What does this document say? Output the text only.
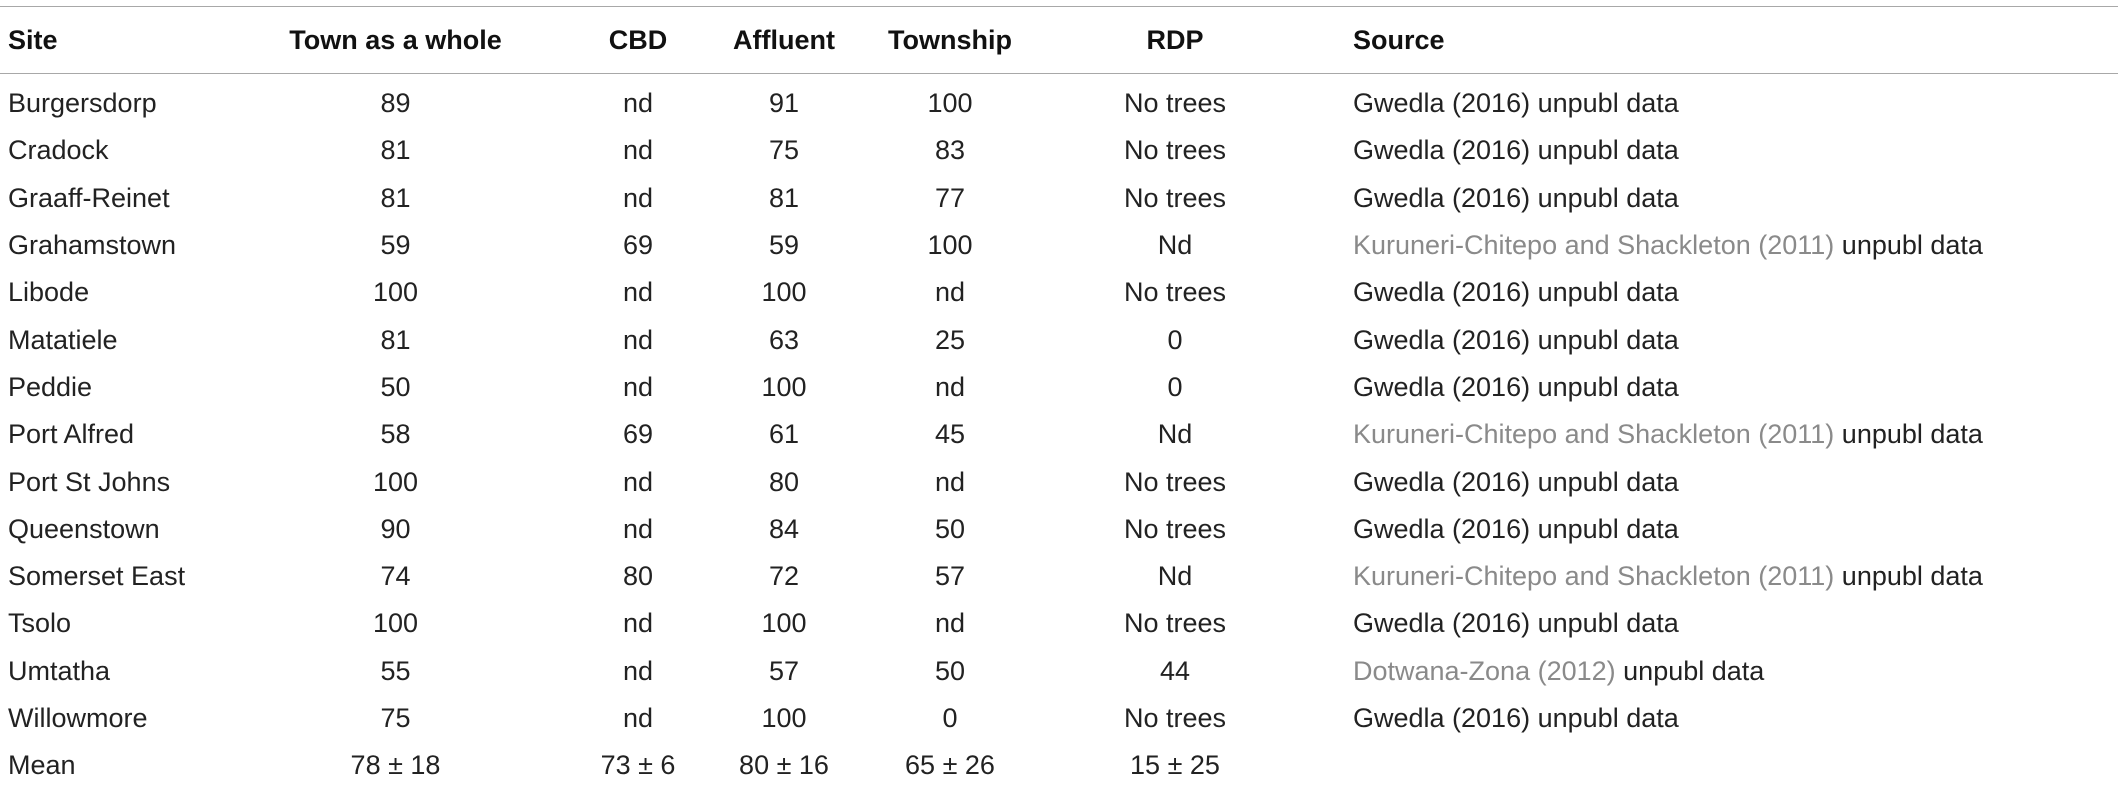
Site	Town as a whole	CBD	Affluent	Township	RDP	Source
Burgersdorp	89	nd	91	100	No trees	Gwedla (2016) unpubl data
Cradock	81	nd	75	83	No trees	Gwedla (2016) unpubl data
Graaff-Reinet	81	nd	81	77	No trees	Gwedla (2016) unpubl data
Grahamstown	59	69	59	100	Nd	Kuruneri-Chitepo and Shackleton (2011) unpubl data
Libode	100	nd	100	nd	No trees	Gwedla (2016) unpubl data
Matatiele	81	nd	63	25	0	Gwedla (2016) unpubl data
Peddie	50	nd	100	nd	0	Gwedla (2016) unpubl data
Port Alfred	58	69	61	45	Nd	Kuruneri-Chitepo and Shackleton (2011) unpubl data
Port St Johns	100	nd	80	nd	No trees	Gwedla (2016) unpubl data
Queenstown	90	nd	84	50	No trees	Gwedla (2016) unpubl data
Somerset East	74	80	72	57	Nd	Kuruneri-Chitepo and Shackleton (2011) unpubl data
Tsolo	100	nd	100	nd	No trees	Gwedla (2016) unpubl data
Umtatha	55	nd	57	50	44	Dotwana-Zona (2012) unpubl data
Willowmore	75	nd	100	0	No trees	Gwedla (2016) unpubl data
Mean	78 ± 18	73 ± 6	80 ± 16	65 ± 26	15 ± 25	
